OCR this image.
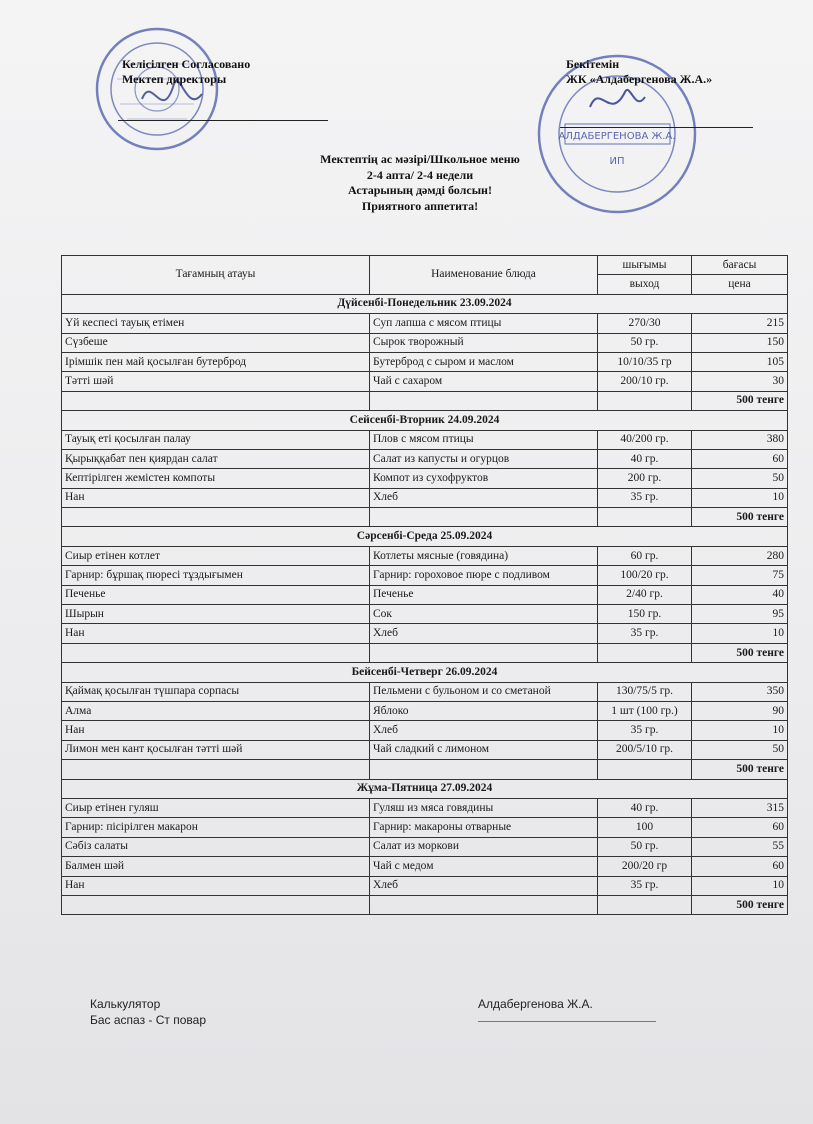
АЛДАБЕРГЕНОВА Ж.А.
ИП
Келісілген Согласовано
Мектеп директоры
Бекітемін
ЖК «Алдабергенова Ж.А.»
Мектептің ас мәзірі/Школьное меню
2-4 апта/ 2-4 недели
Астарының дәмді болсын!
Приятного аппетита!
Тағамның атауы	Наименование блюда	шығымы	бағасы
		выход	цена
Дүйсенбі-Понедельник 23.09.2024			
Үй кеспесі тауық етімен	Суп лапша с мясом птицы	270/30	215
Сүзбеше	Сырок творожный	50 гр.	150
Ірімшік пен май қосылған бутерброд	Бутерброд с сыром и маслом	10/10/35 гр	105
Тәтті шәй	Чай с сахаром	200/10 гр.	30
			500 тенге
Сейсенбі-Вторник 24.09.2024			
Тауық еті қосылған палау	Плов с мясом птицы	40/200 гр.	380
Қырыққабат пен қиярдан салат	Салат из капусты и огурцов	40 гр.	60
Кептірілген жемістен компоты	Компот из сухофруктов	200 гр.	50
Нан	Хлеб	35 гр.	10
			500 тенге
Сәрсенбі-Среда 25.09.2024			
Сиыр етінен котлет	Котлеты мясные (говядина)	60 гр.	280
Гарнир: бұршақ пюресі тұздығымен	Гарнир: гороховое пюре с подливом	100/20 гр.	75
Печенье	Печенье	2/40 гр.	40
Шырын	Сок	150 гр.	95
Нан	Хлеб	35 гр.	10
			500 тенге
Бейсенбі-Четверг 26.09.2024			
Қаймақ қосылған түшпара сорпасы	Пельмени с бульоном и со сметаной	130/75/5 гр.	350
Алма	Яблоко	1 шт (100 гр.)	90
Нан	Хлеб	35 гр.	10
Лимон мен кант қосылған тәтті шәй	Чай сладкий с лимоном	200/5/10 гр.	50
			500 тенге
Жұма-Пятница 27.09.2024			
Сиыр етінен гуляш	Гуляш из мяса говядины	40 гр.	315
Гарнир: пісірілген макарон	Гарнир: макароны отварные	100	60
Сәбіз салаты	Салат из моркови	50 гр.	55
Балмен шәй	Чай с медом	200/20 гр	60
Нан	Хлеб	35 гр.	10
			500 тенге
Калькулятор
Бас аспаз - Ст повар
Алдабергенова Ж.А.
